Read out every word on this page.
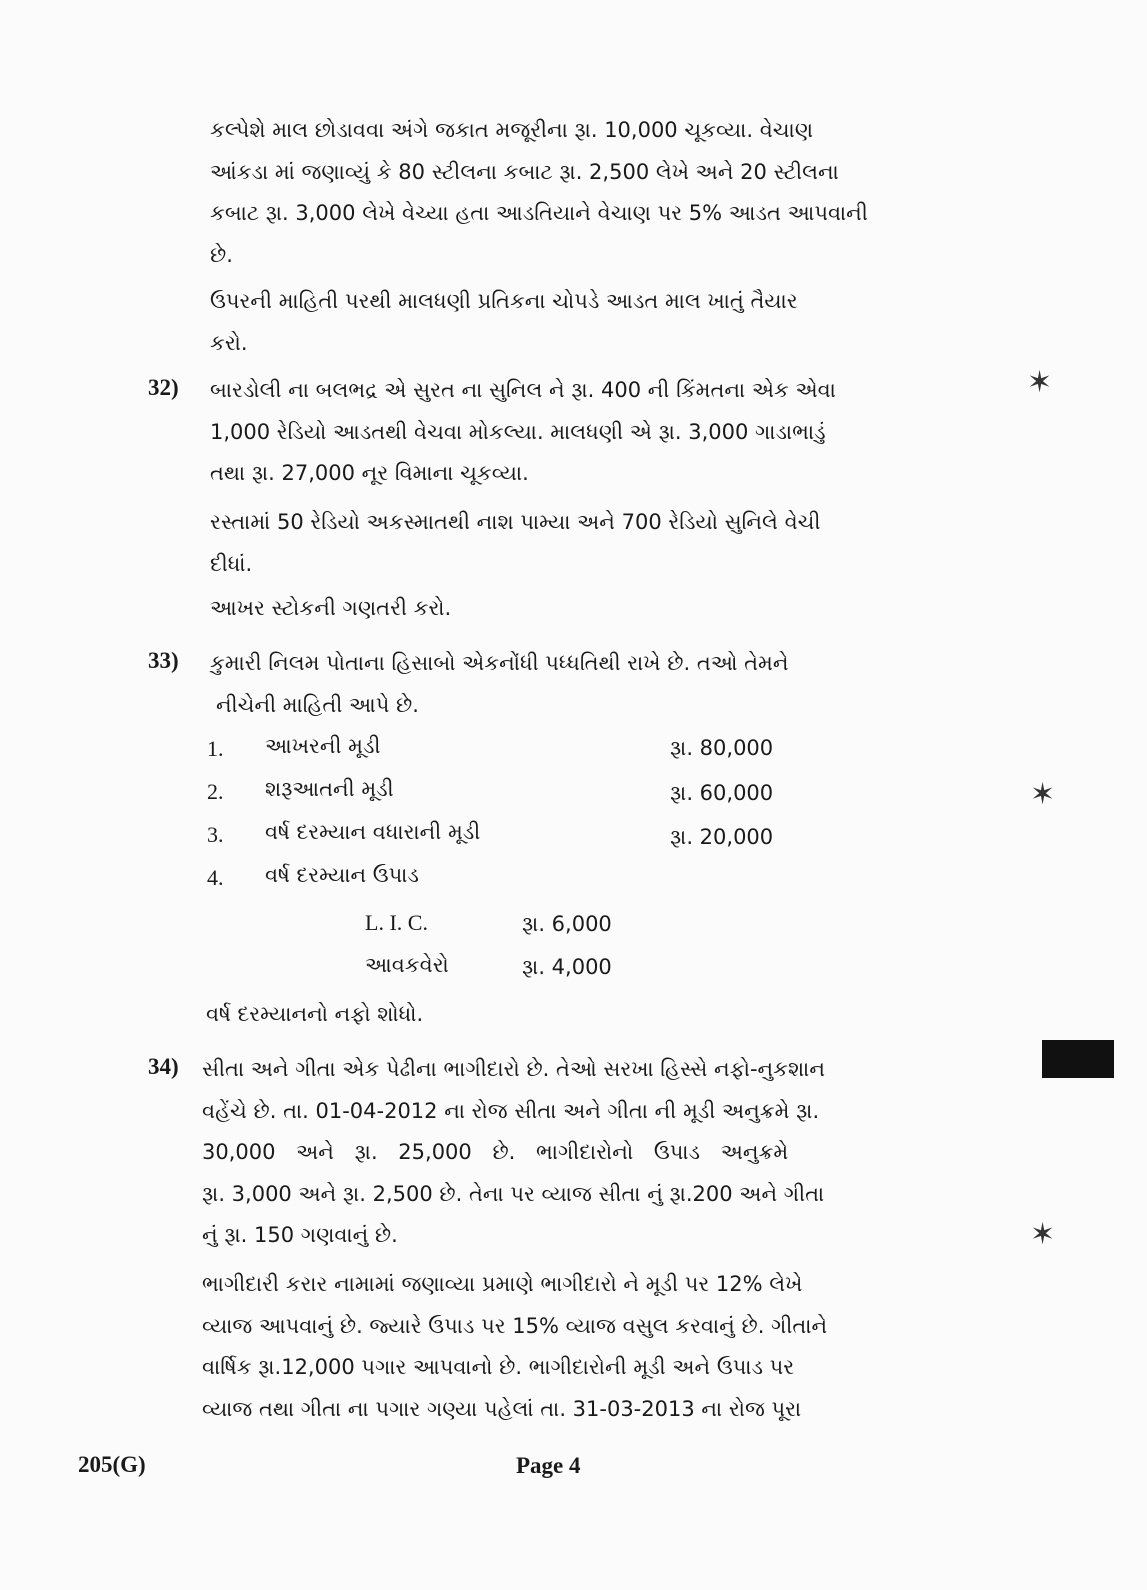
કલ્પેશે માલ છોડાવવા અંગે જકાત મજૂરીના રૂા. 10,000 ચૂકવ્યા. વેચાણ
આંકડા માં જણાવ્યું કે 80 સ્ટીલના કબાટ રૂા. 2,500 લેખે અને 20 સ્ટીલના
કબાટ રૂા. 3,000 લેખે વેચ્યા હતા આડતિયાને વેચાણ પર 5% આડત આપવાની
છે.
ઉપરની માહિતી પરથી માલધણી પ્રતિકના ચોપડે આડત માલ ખાતું તૈયાર
કરો.
32) બારડોલી ના બલભદ્ર એ સુરત ના સુનિલ ને રૂા. 400 ની કિંમતના એક એવા
1,000 રેડિયો આડતથી વેચવા મોકલ્યા. માલધણી એ રૂા. 3,000 ગાડાભાડું
તથા રૂા. 27,000 નૂર વિમાના ચૂકવ્યા.
રસ્તામાં 50 રેડિયો અકસ્માતથી નાશ પામ્યા અને 700 રેડિયો સુનિલે વેચી
દીધાં.
આખર સ્ટોકની ગણતરી કરો.
33) કુમારી નિલમ પોતાના હિસાબો એકનોંધી પધ્ધતિથી રાખે છે. તઓ તેમને
નીચેની માહિતી આપે છે.
1. આખરની મૂડી	રૂા. 80,000
2. શરૂઆતની મૂડી	રૂા. 60,000
3. વર્ષ દરમ્યાન વધારાની મૂડી	રૂા. 20,000
4. વર્ષ દરમ્યાન ઉપાડ
L. I. C.	રૂા. 6,000
આવકવેરો	રૂા. 4,000
વર્ષ દરમ્યાનનો નફો શોધો.
34) સીતા અને ગીતા એક પેઢીના ભાગીદારો છે. તેઓ સરખા હિસ્સે નફો-નુકશાન
વહેંચે છે. તા. 01-04-2012 ના રોજ સીતા અને ગીતા ની મૂડી અનુક્રમે રૂા.
30,000 અને રૂા. 25,000 છે. ભાગીદારોનો ઉપાડ અનુક્રમે
રૂા. 3,000 અને રૂા. 2,500 છે. તેના પર વ્યાજ સીતા નું રૂા.200 અને ગીતા
નું રૂા. 150 ગણવાનું છે.
ભાગીદારી કરાર નામામાં જણાવ્યા પ્રમાણે ભાગીદારો ને મૂડી પર 12% લેખે
વ્યાજ આપવાનું છે. જ્યારે ઉપાડ પર 15% વ્યાજ વસુલ કરવાનું છે. ગીતાને
વાર્ષિક રૂા.12,000 પગાર આપવાનો છે. ભાગીદારોની મૂડી અને ઉપાડ પર
વ્યાજ તથા ગીતા ના પગાર ગણ્યા પહેલાં તા. 31-03-2013 ના રોજ પૂરા
205(G)	Page 4
✶
✶
✶
